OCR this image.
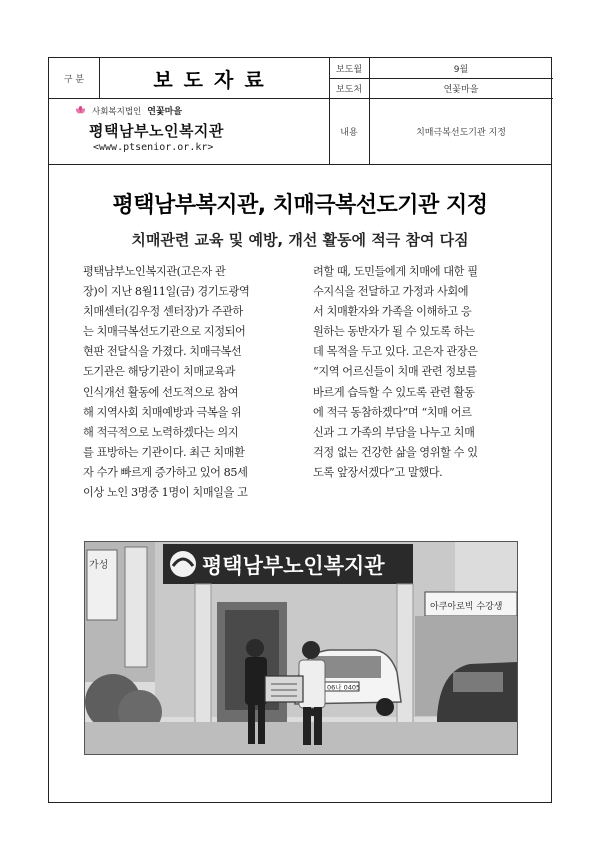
구 분	보도자료	보도월	9월
보도처	연꽃마을
내용	치매극복선도기관 지정
사회복지법인 연꽃마을
평택남부노인복지관
<www.ptsenior.or.kr>
평택남부복지관, 치매극복선도기관 지정
치매관련 교육 및 예방, 개선 활동에 적극 참여 다짐
평택남부노인복지관(고은자 관
장)이 지난 8월11일(금) 경기도광역
치매센터(김우정 센터장)가 주관하
는 치매극복선도기관으로 지정되어
현판 전달식을 가졌다. 치매극복선
도기관은 해당기관이 치매교육과
인식개선 활동에 선도적으로 참여
해 지역사회 치매예방과 극복을 위
해 적극적으로 노력하겠다는 의지
를 표방하는 기관이다. 최근 치매환
자 수가 빠르게 증가하고 있어 85세
이상 노인 3명중 1명이 치매일을 고
려할 때, 도민들에게 치매에 대한 필
수지식을 전달하고 가정과 사회에
서 치매환자와 가족을 이해하고 응
원하는 동반자가 될 수 있도록 하는
데 목적을 두고 있다. 고은자 관장은
“지역 어르신들이 치매 관련 정보를
바르게 습득할 수 있도록 관련 활동
에 적극 동참하겠다”며 “치매 어르
신과 그 가족의 부담을 나누고 치매
걱정 없는 건강한 삶을 영위할 수 있
도록 앞장서겠다”고 말했다.
평택남부노인복지관
가성
아쿠아로빅 수강생
06나 0405
